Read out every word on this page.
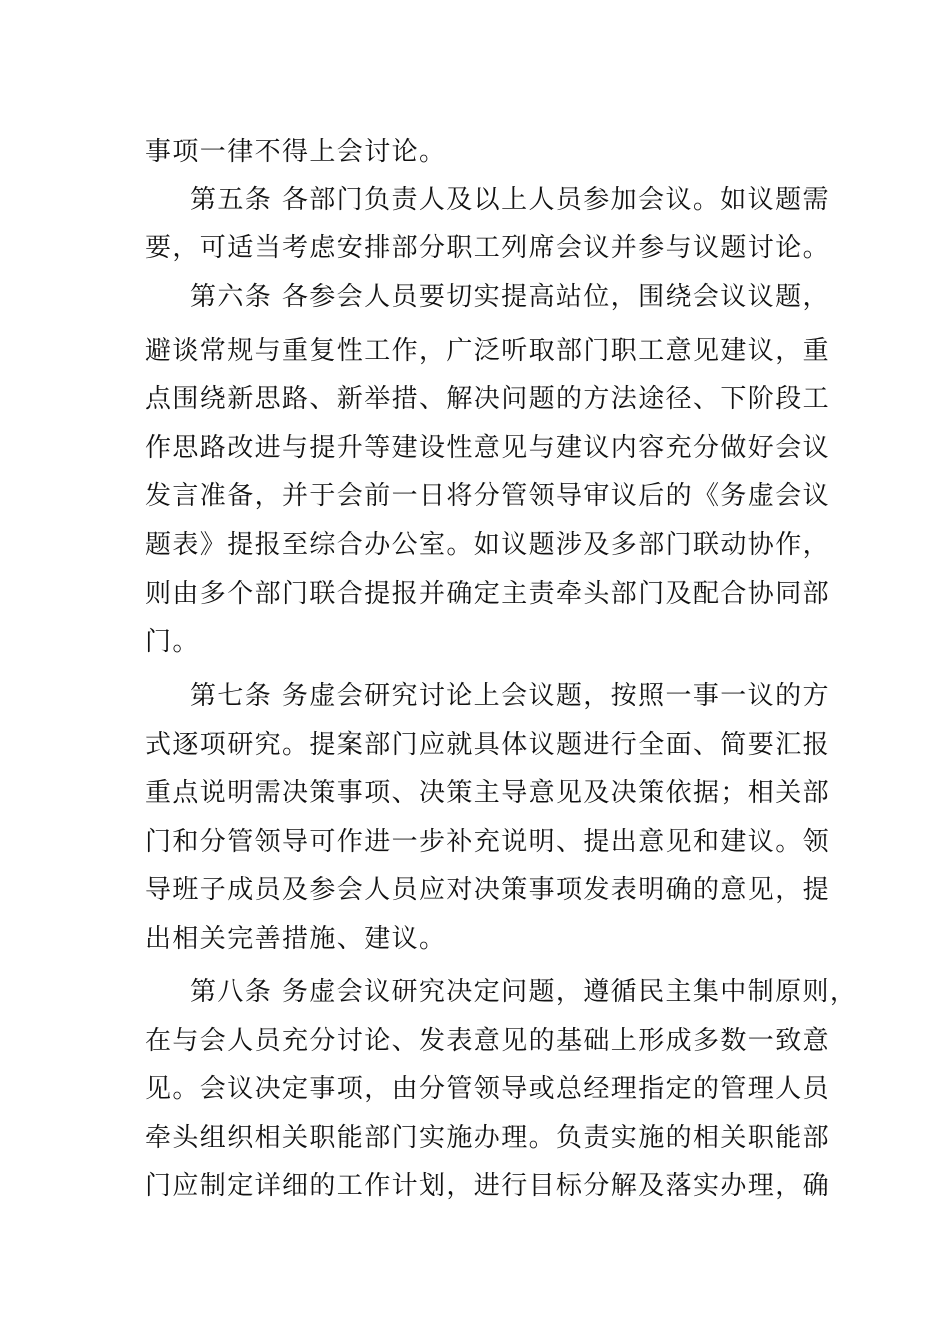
事项一律不得上会讨论。
第五条 各部门负责人及以上人员参加会议。如议题需
要，可适当考虑安排部分职工列席会议并参与议题讨论。
第六条 各参会人员要切实提高站位，围绕会议议题，
避谈常规与重复性工作，广泛听取部门职工意见建议，重
点围绕新思路、新举措、解决问题的方法途径、下阶段工
作思路改进与提升等建设性意见与建议内容充分做好会议
发言准备，并于会前一日将分管领导审议后的《务虚会议
题表》提报至综合办公室。如议题涉及多部门联动协作，
则由多个部门联合提报并确定主责牵头部门及配合协同部
门。
第七条 务虚会研究讨论上会议题，按照一事一议的方
式逐项研究。提案部门应就具体议题进行全面、简要汇报
重点说明需决策事项、决策主导意见及决策依据；相关部
门和分管领导可作进一步补充说明、提出意见和建议。领
导班子成员及参会人员应对决策事项发表明确的意见，提
出相关完善措施、建议。
第八条 务虚会议研究决定问题，遵循民主集中制原则，
在与会人员充分讨论、发表意见的基础上形成多数一致意
见。会议决定事项，由分管领导或总经理指定的管理人员
牵头组织相关职能部门实施办理。负责实施的相关职能部
门应制定详细的工作计划，进行目标分解及落实办理，确
